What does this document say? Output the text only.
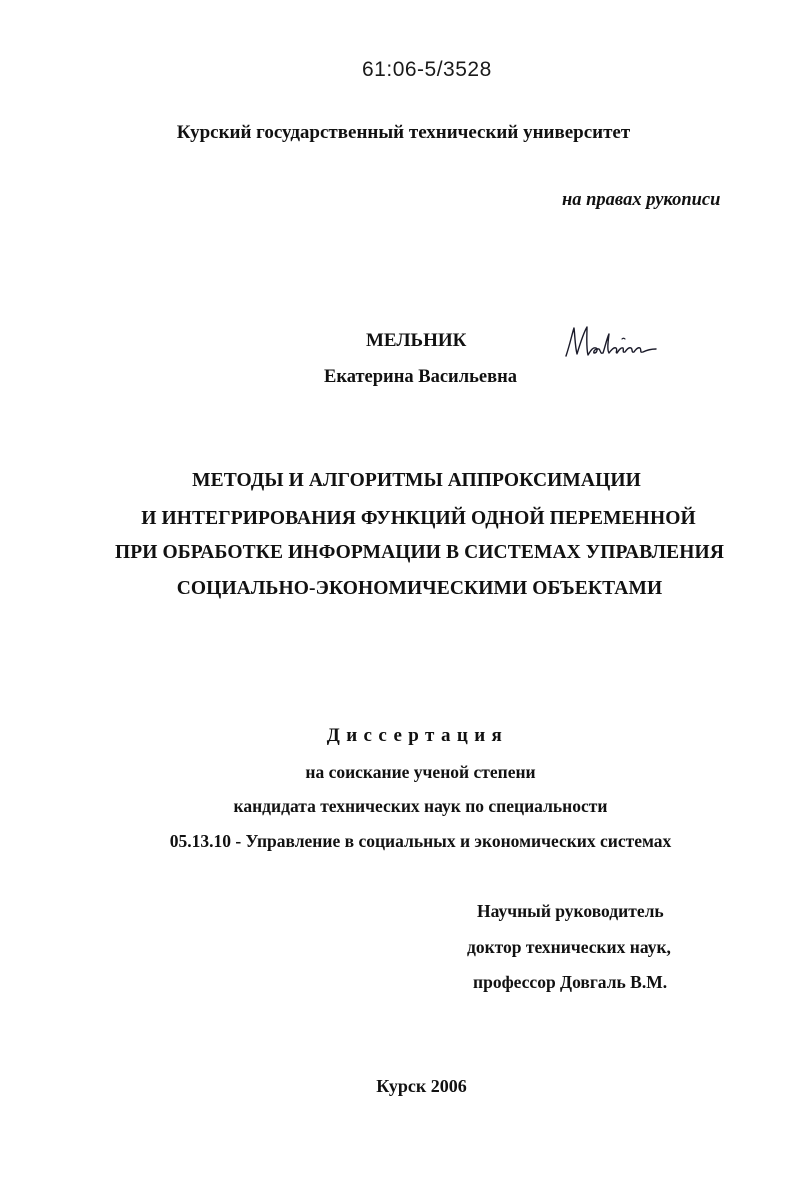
61:06-5/3528
Курский государственный технический университет
на правах рукописи
МЕЛЬНИК
Екатерина Васильевна
МЕТОДЫ И АЛГОРИТМЫ АППРОКСИМАЦИИ
И ИНТЕГРИРОВАНИЯ ФУНКЦИЙ ОДНОЙ ПЕРЕМЕННОЙ
ПРИ ОБРАБОТКЕ ИНФОРМАЦИИ В СИСТЕМАХ УПРАВЛЕНИЯ
СОЦИАЛЬНО-ЭКОНОМИЧЕСКИМИ ОБЪЕКТАМИ
Диссертация
на соискание ученой степени
кандидата технических наук по специальности
05.13.10 - Управление в социальных и экономических системах
Научный руководитель
доктор технических наук,
профессор Довгаль В.М.
Курск 2006
